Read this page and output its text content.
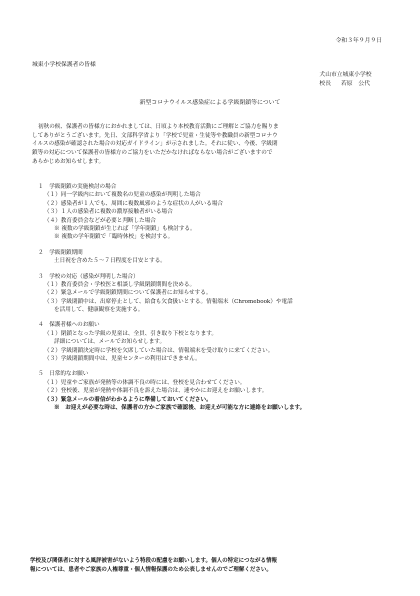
令和３年９月９日
城東小学校保護者の皆様
犬山市立城東小学校
校長 若原　公代
新型コロナウイルス感染症による学級閉鎖等について

初秋の候、保護者の皆様方におかれましては、日頃より本校教育活動にご理解とご協力を賜りま
してありがとうございます。先日、文部科学省より「学校で児童・生徒等や教職員の新型コロナウ
イルスの感染が確認された場合の対応ガイドライン」が示されました。それに従い、今後、学級閉
鎖等の対応について保護者の皆様方のご協力をいただかなければならない場合がございますので
あらかじめお知らせします。

１　学級閉鎖の実施検討の場合

（１）同一学級内において複数名の児童の感染が判明した場合

（２）感染者が１人でも、周囲に複数風邪のような症状の人がいる場合

（３）１人の感染者に複数の濃厚接触者がいる場合

（４）教育委員会などが必要と判断した場合

※ 複数の学級閉鎖が生じれば「学年閉鎖」も検討する。

※ 複数の学年閉鎖で「臨時休校」を検討する。

２　学級閉鎖期間

土日祝を含めた５～７日程度を目安とする。

３　学校の対応（感染が判明した場合）

（１）教育委員会・学校医と相談し学級閉鎖期間を決める。

（２）緊急メールで学級閉鎖期間について保護者にお知らせする。

（３）学級閉鎖中は、出席停止として、給食も欠食扱いとする。情報端末（Chromebook）や電話

を活用して、健康観察を実施する。

４　保護者様へのお願い

（１）閉鎖となった学級の児童は、全員、引き取り下校となります。

詳細については、メールでお知らせします。

（２）学級閉鎖決定時に学校を欠席していた場合は、情報端末を受け取りに来てください。

（３）学級閉鎖期間中は、児童センターの利用はできません。

５　日常的なお願い

（１）児童やご家族が発熱等の体調不良の時には、登校を見合わせてください。

（２）登校後、児童が発熱や体調不良を訴えた場合は、速やかにお迎えをお願いします。

（３）緊急メールの着信がわかるように準備しておいてください。

※　お迎えが必要な時は、保護者の方かご家族で確認後、お迎えが可能な方に連絡をお願いします。

学校及び関係者に対する風評被害がないよう特段の配慮をお願いします。個人の特定につながる情報

報については、患者やご家族の人権尊重・個人情報保護のため公表しませんのでご理解ください。
